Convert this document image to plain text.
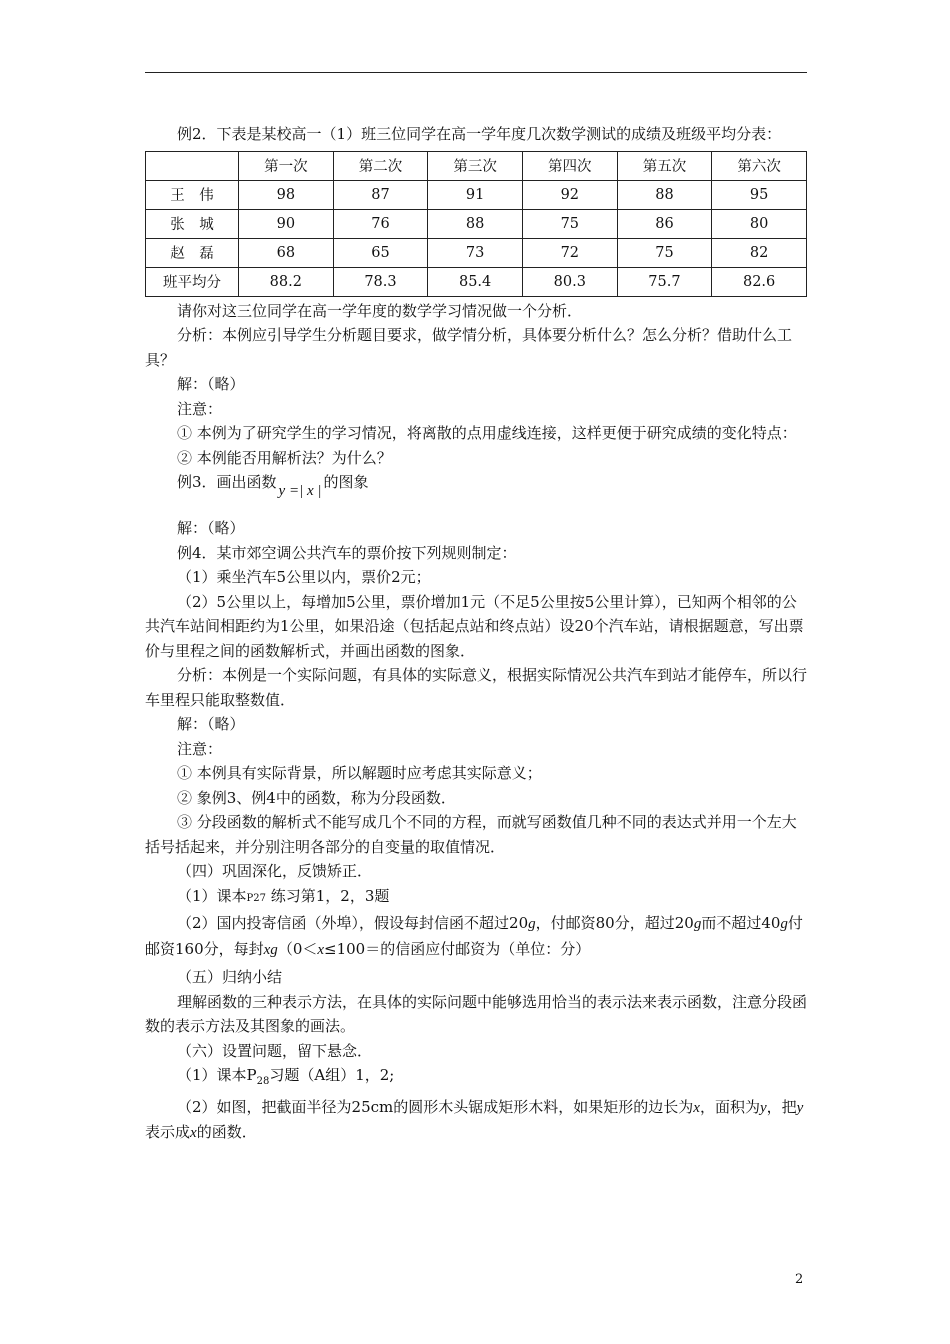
例2．下表是某校高一（1）班三位同学在高一学年度几次数学测试的成绩及班级平均分表：

	第一次	第二次	第三次	第四次	第五次	第六次
王　伟	98	87	91	92	88	95
张　城	90	76	88	75	86	80
赵　磊	68	65	73	72	75	82
班平均分	88.2	78.3	85.4	80.3	75.7	82.6

请你对这三位同学在高一学年度的数学学习情况做一个分析．

分析：本例应引导学生分析题目要求，做学情分析，具体要分析什么？怎么分析？借助什么工具？

解：（略）

注意：

① 本例为了研究学生的学习情况，将离散的点用虚线连接，这样更便于研究成绩的变化特点：

② 本例能否用解析法？为什么？

例3．画出函数 y =| x | 的图象

解：（略）

例4．某市郊空调公共汽车的票价按下列规则制定：

（1）乘坐汽车5公里以内，票价2元；

（2）5公里以上，每增加5公里，票价增加1元（不足5公里按5公里计算），已知两个相邻的公共汽车站间相距约为1公里，如果沿途（包括起点站和终点站）设20个汽车站，请根据题意，写出票价与里程之间的函数解析式，并画出函数的图象．

分析：本例是一个实际问题，有具体的实际意义，根据实际情况公共汽车到站才能停车，所以行车里程只能取整数值．

解：（略）

注意：

① 本例具有实际背景，所以解题时应考虑其实际意义；

② 象例3、例4中的函数，称为分段函数．

③ 分段函数的解析式不能写成几个不同的方程，而就写函数值几种不同的表达式并用一个左大括号括起来，并分别注明各部分的自变量的取值情况．

（四）巩固深化，反馈矫正．

（1）课本P27 练习第1，2，3题

（2）国内投寄信函（外埠），假设每封信函不超过20g，付邮资80分，超过20g而不超过40g付邮资160分，每封xg（0＜x≤100＝的信函应付邮资为（单位：分）

（五）归纳小结

理解函数的三种表示方法，在具体的实际问题中能够选用恰当的表示法来表示函数，注意分段函数的表示方法及其图象的画法。

（六）设置问题，留下悬念．

（1）课本$P_{28}$习题（A组）1，2;

（2）如图，把截面半径为25cm的圆形木头锯成矩形木料，如果矩形的边长为x，面积为y，把y表示成x的函数．

2
